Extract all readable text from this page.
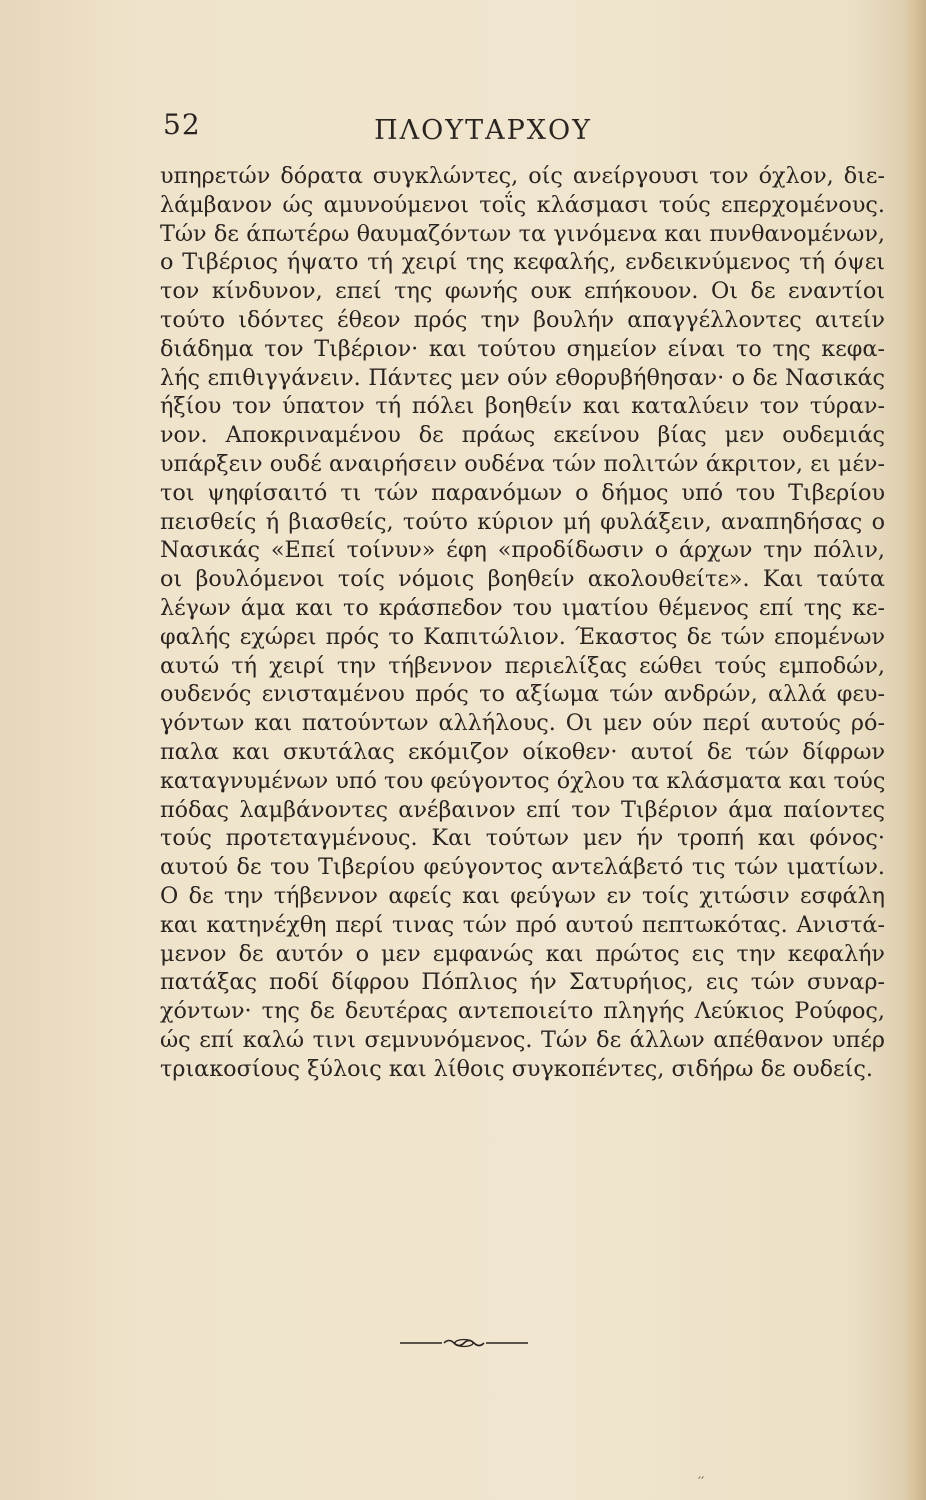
52	ΠΛΟΥΤΑΡΧΟΥ
υπηρετών δόρατα συγκλώντες, οίς ανείργουσι τον όχλον, διε-
λάμβανον ώς αμυνούμενοι τοΐς κλάσμασι τούς επερχομένους.
Τών δε άπωτέρω θαυμαζόντων τα γινόμενα και πυνθανομένων,
ο Τιβέριος ήψατο τή χειρί της κεφαλής, ενδεικνύμενος τή όψει
τον κίνδυνον, επεί της φωνής ουκ επήκουον. Οι δε εναντίοι
τούτο ιδόντες έθεον πρός την βουλήν απαγγέλλοντες αιτείν
διάδημα τον Τιβέριον· και τούτου σημείον είναι το της κεφα-
λής επιθιγγάνειν. Πάντες μεν ούν εθορυβήθησαν· ο δε Νασικάς
ήξίου τον ύπατον τή πόλει βοηθείν και καταλύειν τον τύραν-
νον. Αποκριναμένου δε πράως εκείνου βίας μεν ουδεμιάς
υπάρξειν ουδέ αναιρήσειν ουδένα τών πολιτών άκριτον, ει μέν-
τοι ψηφίσαιτό τι τών παρανόμων ο δήμος υπό του Τιβερίου
πεισθείς ή βιασθείς, τούτο κύριον μή φυλάξειν, αναπηδήσας ο
Νασικάς «Επεί τοίνυν» έφη «προδίδωσιν ο άρχων την πόλιν,
οι βουλόμενοι τοίς νόμοις βοηθείν ακολουθείτε». Και ταύτα
λέγων άμα και το κράσπεδον του ιματίου θέμενος επί της κε-
φαλής εχώρει πρός το Καπιτώλιον. Έκαστος δε τών επομένων
αυτώ τή χειρί την τήβεννον περιελίξας εώθει τούς εμποδών,
ουδενός ενισταμένου πρός το αξίωμα τών ανδρών, αλλά φευ-
γόντων και πατούντων αλλήλους. Οι μεν ούν περί αυτούς ρό-
παλα και σκυτάλας εκόμιζον οίκοθεν· αυτοί δε τών δίφρων
καταγνυμένων υπό του φεύγοντος όχλου τα κλάσματα και τούς
πόδας λαμβάνοντες ανέβαινον επί τον Τιβέριον άμα παίοντες
τούς προτεταγμένους. Και τούτων μεν ήν τροπή και φόνος·
αυτού δε του Τιβερίου φεύγοντος αντελάβετό τις τών ιματίων.
Ο δε την τήβεννον αφείς και φεύγων εν τοίς χιτώσιν εσφάλη
και κατηνέχθη περί τινας τών πρό αυτού πεπτωκότας. Ανιστά-
μενον δε αυτόν ο μεν εμφανώς και πρώτος εις την κεφαλήν
πατάξας ποδί δίφρου Πόπλιος ήν Σατυρήιος, εις τών συναρ-
χόντων· της δε δευτέρας αντεποιείτο πληγής Λεύκιος Ρούφος,
ώς επί καλώ τινι σεμνυνόμενος. Τών δε άλλων απέθανον υπέρ
τριακοσίους ξύλοις και λίθοις συγκοπέντες, σιδήρω δε ουδείς.
′′
